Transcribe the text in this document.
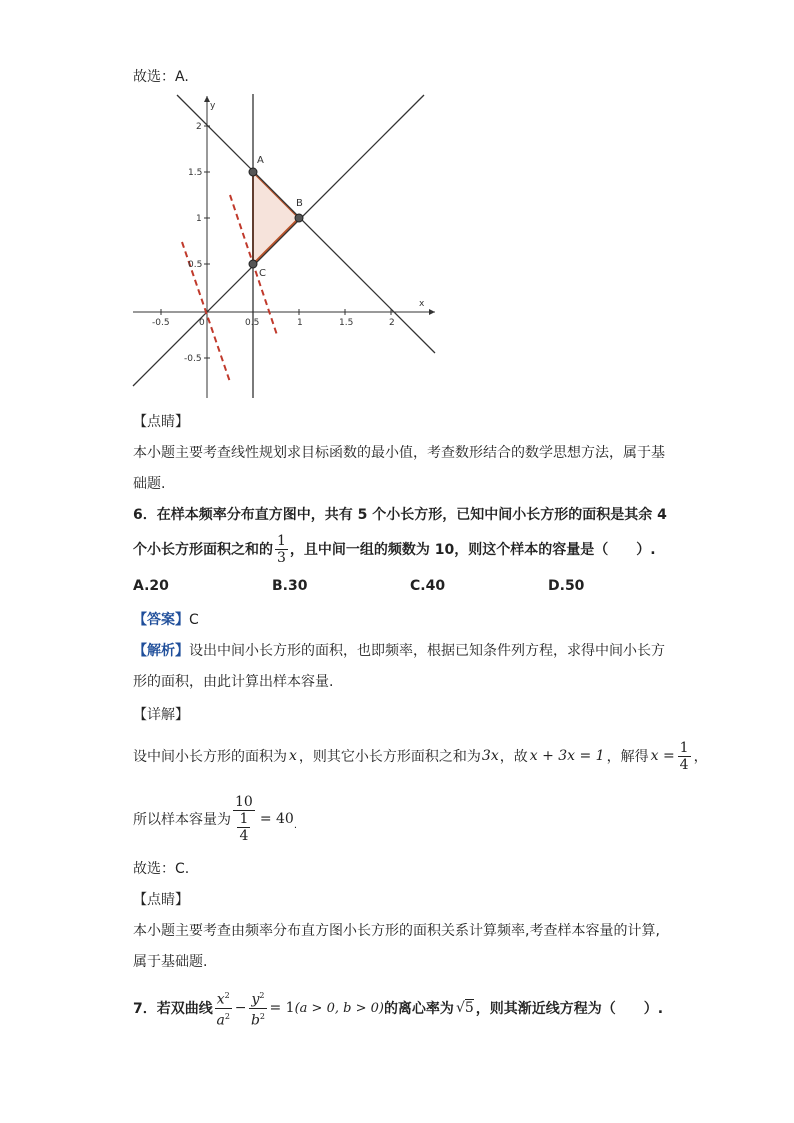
故选：A.
-0.5	0	0.5	1	1.5	2
2
1.5
1
0.5
-0.5
x
y
A
B
C
【点睛】
本小题主要考查线性规划求目标函数的最小值，考查数形结合的数学思想方法，属于基
础题.
6．在样本频率分布直方图中，共有 5 个小长方形，已知中间小长方形的面积是其余 4
个小长方形面积之和的 $\frac{1}{3}$ ，且中间一组的频数为 10，则这个样本的容量是（　　）.
A.20	B.30	C.40	D.50
【答案】C
【解析】设出中间小长方形的面积，也即频率，根据已知条件列方程，求得中间小长方
形的面积，由此计算出样本容量.
【详解】
设中间小长方形的面积为 x ，则其它小长方形面积之和为 3x ，故 x + 3x = 1 ，解得 $x = \frac{1}{4}$ ，
所以样本容量为 $\frac{10}{\frac{1}{4}} = 40$ .
故选：C.
【点睛】
本小题主要考查由频率分布直方图小长方形的面积关系计算频率,考查样本容量的计算,
属于基础题.
7． 若双曲线 $\frac{x^2}{a^2} - \frac{y^2}{b^2} = 1$ (a > 0, b > 0) 的离心率为 √5 ，则其渐近线方程为（　　）.
